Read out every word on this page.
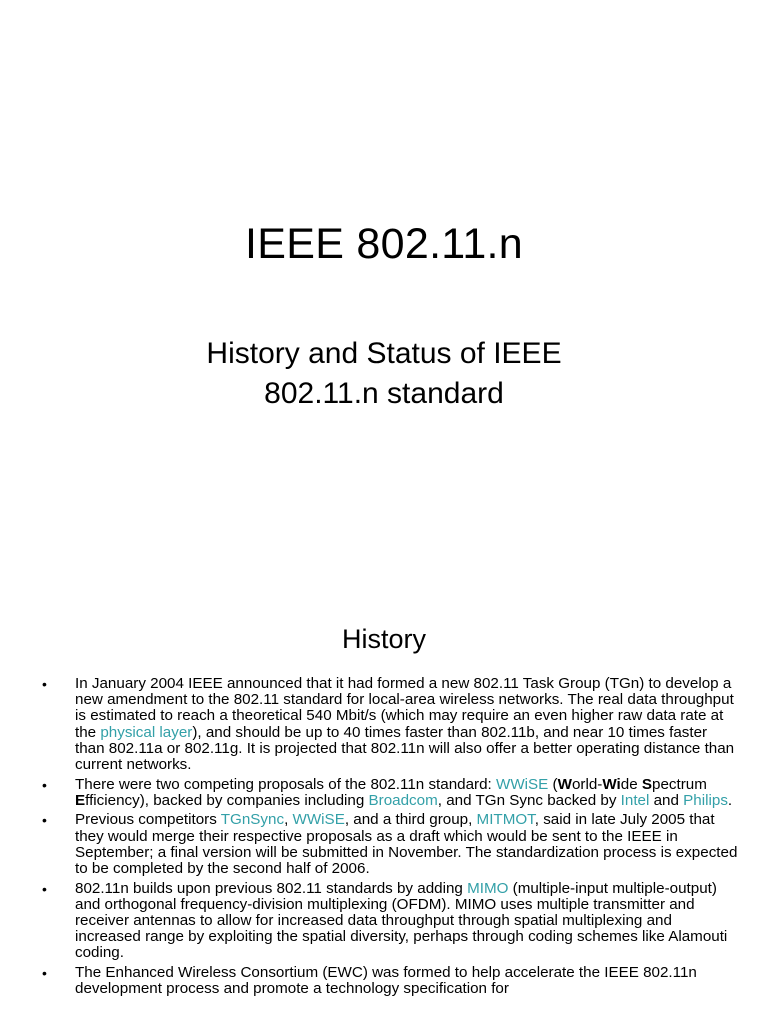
IEEE 802.11.n
History and Status of IEEE
802.11.n standard
History
• In January 2004 IEEE announced that it had formed a new 802.11 Task Group (TGn) to develop a new amendment to the 802.11 standard for local-area wireless networks. The real data throughput is estimated to reach a theoretical 540 Mbit/s (which may require an even higher raw data rate at the physical layer), and should be up to 40 times faster than 802.11b, and near 10 times faster than 802.11a or 802.11g. It is projected that 802.11n will also offer a better operating distance than current networks.
• There were two competing proposals of the 802.11n standard: WWiSE (World-Wide Spectrum Efficiency), backed by companies including Broadcom, and TGn Sync backed by Intel and Philips.
• Previous competitors TGnSync, WWiSE, and a third group, MITMOT, said in late July 2005 that they would merge their respective proposals as a draft which would be sent to the IEEE in September; a final version will be submitted in November. The standardization process is expected to be completed by the second half of 2006.
• 802.11n builds upon previous 802.11 standards by adding MIMO (multiple-input multiple-output) and orthogonal frequency-division multiplexing (OFDM). MIMO uses multiple transmitter and receiver antennas to allow for increased data throughput through spatial multiplexing and increased range by exploiting the spatial diversity, perhaps through coding schemes like Alamouti coding.
• The Enhanced Wireless Consortium (EWC) was formed to help accelerate the IEEE 802.11n development process and promote a technology specification for
